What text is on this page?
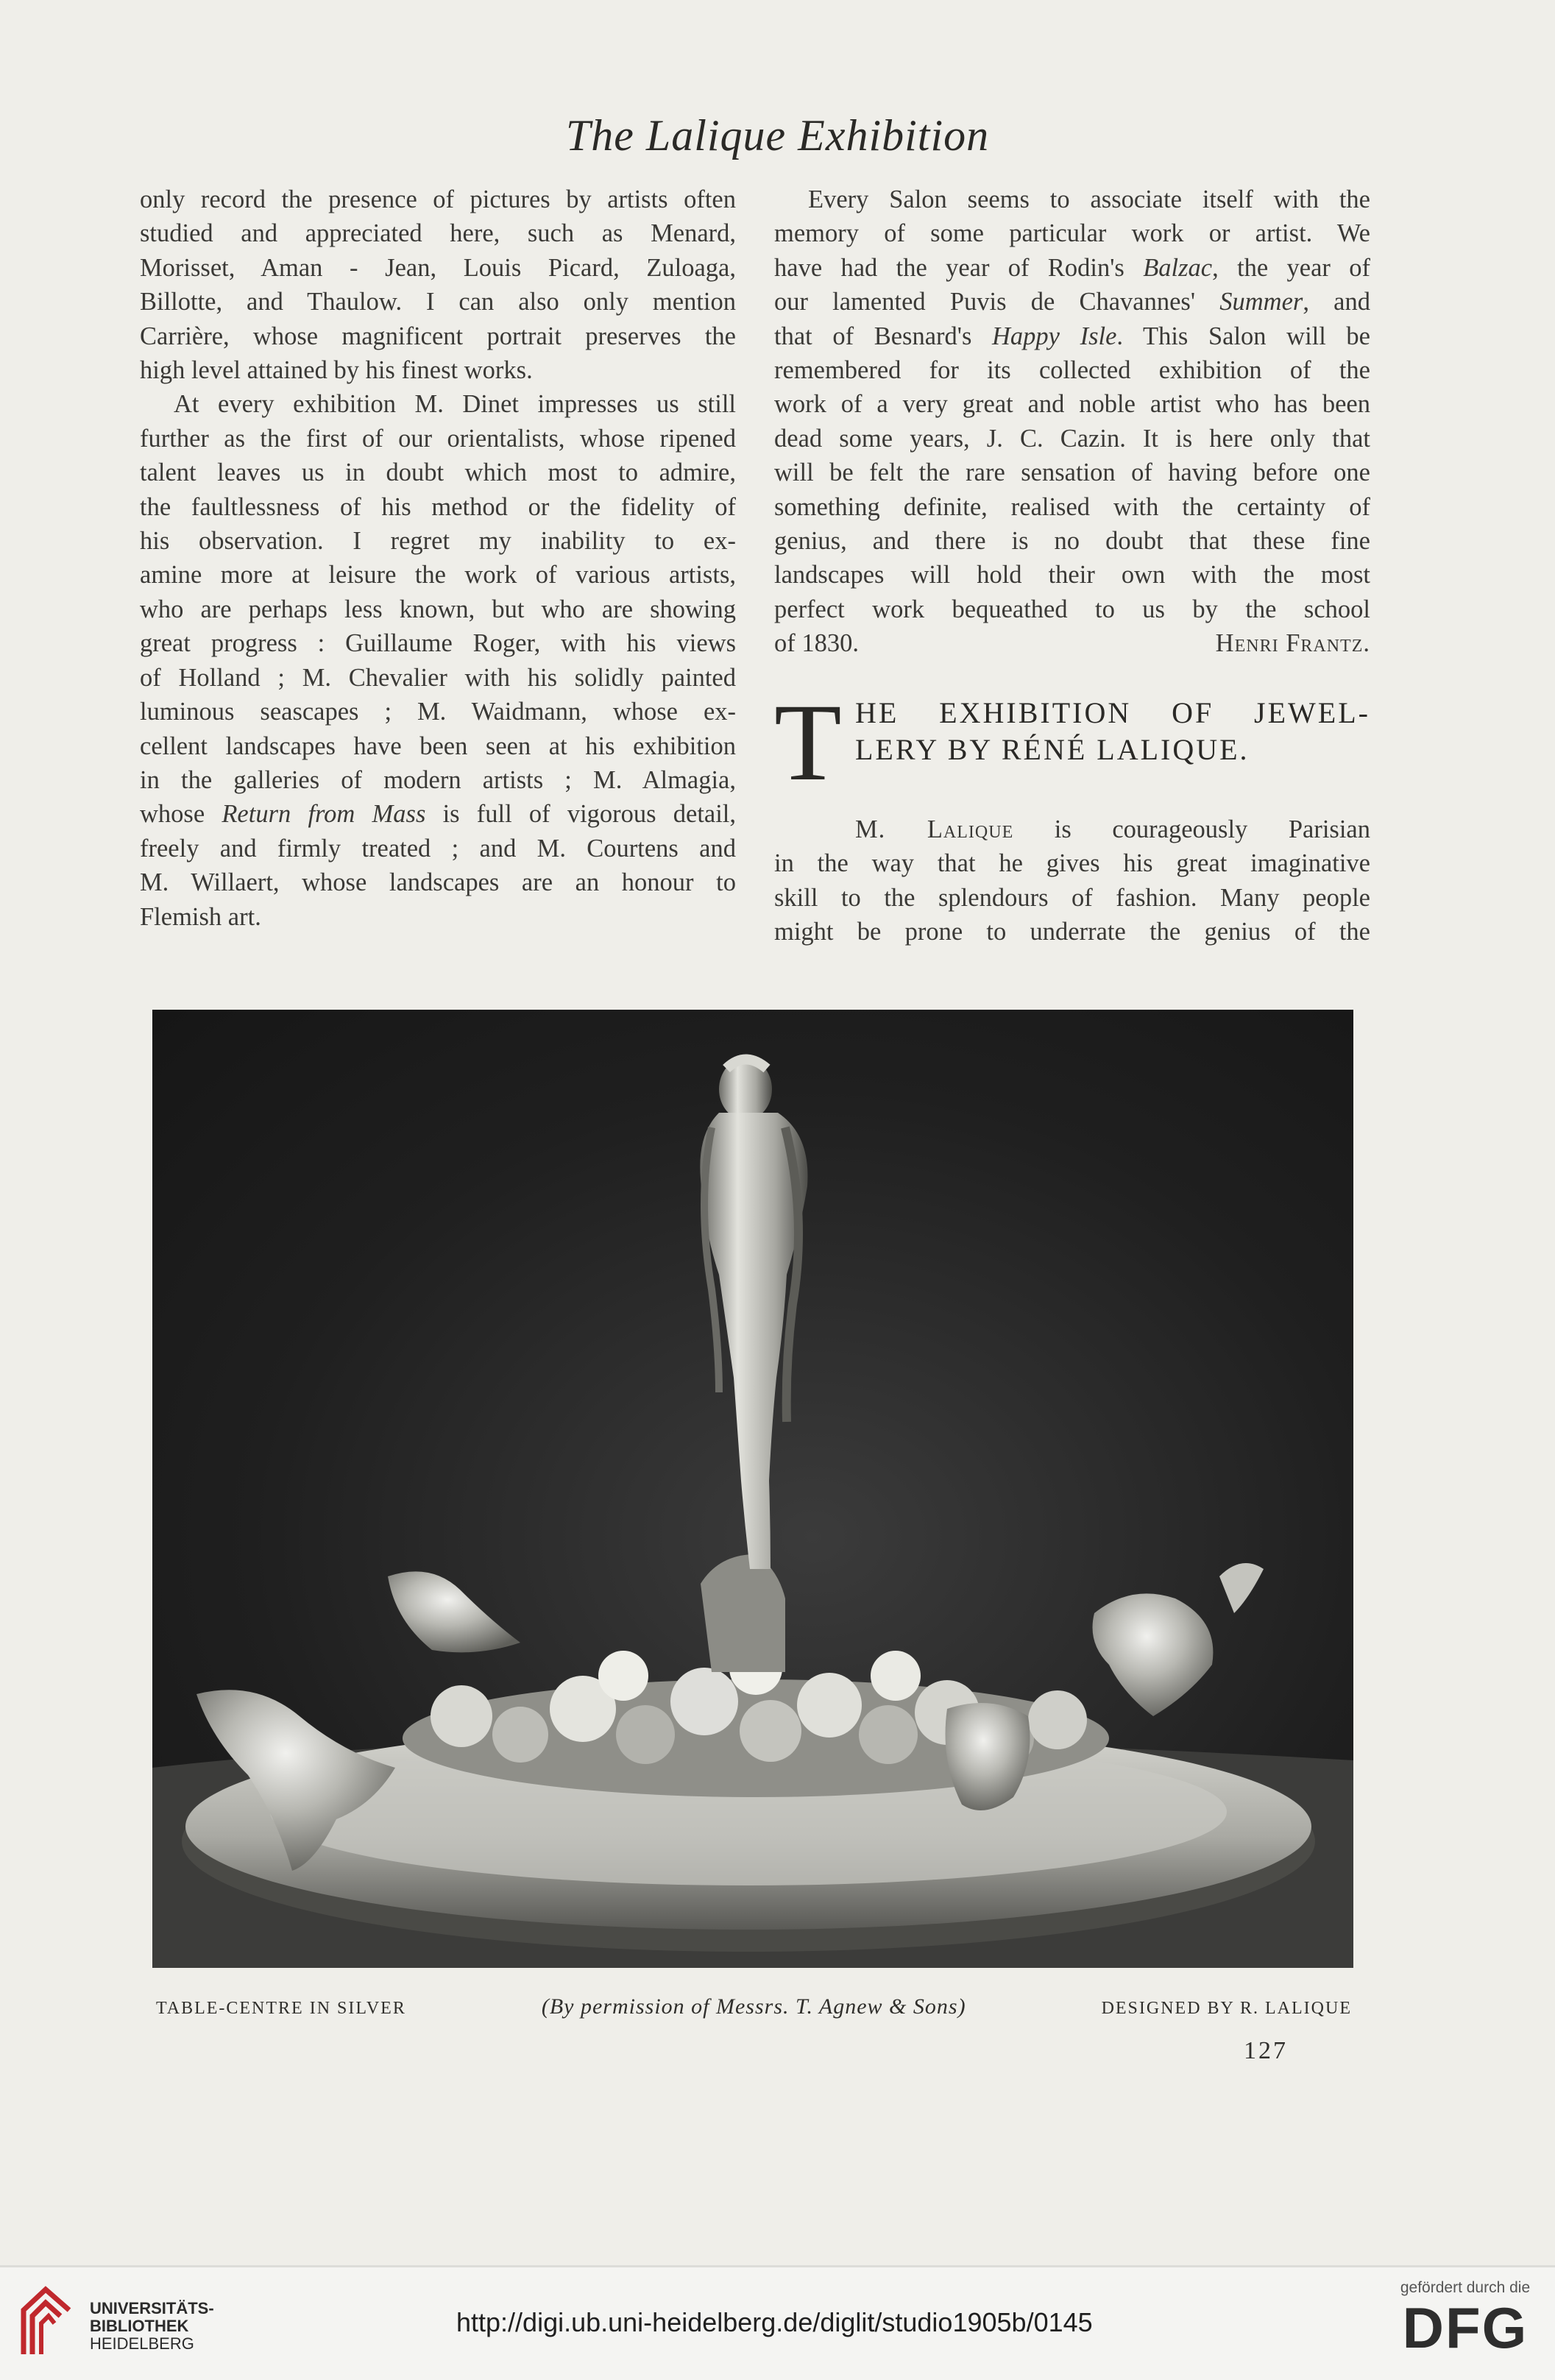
The Lalique Exhibition
only record the presence of pictures by artists often
studied and appreciated here, such as Menard,
Morisset, Aman - Jean, Louis Picard, Zuloaga,
Billotte, and Thaulow. I can also only mention
Carrière, whose magnificent portrait preserves the
high level attained by his finest works.
At every exhibition M. Dinet impresses us still
further as the first of our orientalists, whose ripened
talent leaves us in doubt which most to admire,
the faultlessness of his method or the fidelity of
his observation. I regret my inability to ex-
amine more at leisure the work of various artists,
who are perhaps less known, but who are showing
great progress : Guillaume Roger, with his views
of Holland ; M. Chevalier with his solidly painted
luminous seascapes ; M. Waidmann, whose ex-
cellent landscapes have been seen at his exhibition
in the galleries of modern artists ; M. Almagia,
whose Return from Mass is full of vigorous detail,
freely and firmly treated ; and M. Courtens and
M. Willaert, whose landscapes are an honour to
Flemish art.
Every Salon seems to associate itself with the
memory of some particular work or artist. We
have had the year of Rodin's Balzac, the year of
our lamented Puvis de Chavannes' Summer, and
that of Besnard's Happy Isle. This Salon will be
remembered for its collected exhibition of the
work of a very great and noble artist who has been
dead some years, J. C. Cazin. It is here only that
will be felt the rare sensation of having before one
something definite, realised with the certainty of
genius, and there is no doubt that these fine
landscapes will hold their own with the most
perfect work bequeathed to us by the school
of 1830.	Henri Frantz.
T HE EXHIBITION OF JEWEL-
LERY BY RÉNÉ LALIQUE.
M. Lalique is courageously Parisian
in the way that he gives his great imaginative
skill to the splendours of fashion. Many people
might be prone to underrate the genius of the
TABLE-CENTRE IN SILVER	(By permission of Messrs. T. Agnew & Sons)	DESIGNED BY R. LALIQUE
127
UNIVERSITÄTS-
BIBLIOTHEK
HEIDELBERG
http://digi.ub.uni-heidelberg.de/diglit/studio1905b/0145
gefördert durch die
DFG
